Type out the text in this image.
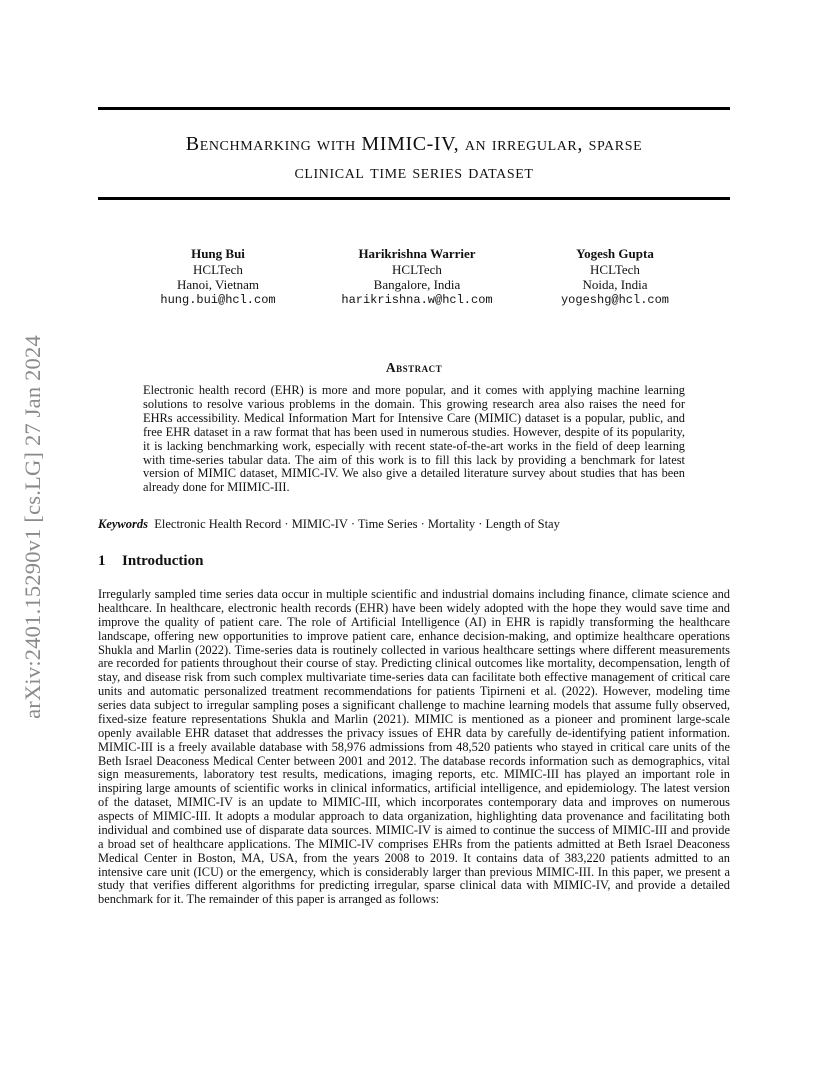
arXiv:2401.15290v1 [cs.LG] 27 Jan 2024
Benchmarking with MIMIC-IV, an irregular, sparse
clinical time series dataset
Hung Bui
HCLTech
Hanoi, Vietnam
hung.bui@hcl.com
Harikrishna Warrier
HCLTech
Bangalore, India
harikrishna.w@hcl.com
Yogesh Gupta
HCLTech
Noida, India
yogeshg@hcl.com
Abstract

Electronic health record (EHR) is more and more popular, and it comes with applying machine learning solutions to resolve various problems in the domain. This growing research area also raises the need for EHRs accessibility. Medical Information Mart for Intensive Care (MIMIC) dataset is a popular, public, and free EHR dataset in a raw format that has been used in numerous studies. However, despite of its popularity, it is lacking benchmarking work, especially with recent state-of-the-art works in the field of deep learning with time-series tabular data. The aim of this work is to fill this lack by providing a benchmark for latest version of MIMIC dataset, MIMIC-IV. We also give a detailed literature survey about studies that has been already done for MIIMIC-III.

Keywords Electronic Health Record · MIMIC-IV · Time Series · Mortality · Length of Stay
1 Introduction

Irregularly sampled time series data occur in multiple scientific and industrial domains including finance, climate science and healthcare. In healthcare, electronic health records (EHR) have been widely adopted with the hope they would save time and improve the quality of patient care. The role of Artificial Intelligence (AI) in EHR is rapidly transforming the healthcare landscape, offering new opportunities to improve patient care, enhance decision-making, and optimize healthcare operations Shukla and Marlin (2022). Time-series data is routinely collected in various healthcare settings where different measurements are recorded for patients throughout their course of stay. Predicting clinical outcomes like mortality, decompensation, length of stay, and disease risk from such complex multivariate time-series data can facilitate both effective management of critical care units and automatic personalized treatment recommendations for patients Tipirneni et al. (2022). However, modeling time series data subject to irregular sampling poses a significant challenge to machine learning models that assume fully observed, fixed-size feature representations Shukla and Marlin (2021). MIMIC is mentioned as a pioneer and prominent large-scale openly available EHR dataset that addresses the privacy issues of EHR data by carefully de-identifying patient information. MIMIC-III is a freely available database with 58,976 admissions from 48,520 patients who stayed in critical care units of the Beth Israel Deaconess Medical Center between 2001 and 2012. The database records information such as demographics, vital sign measurements, laboratory test results, medications, imaging reports, etc. MIMIC-III has played an important role in inspiring large amounts of scientific works in clinical informatics, artificial intelligence, and epidemiology. The latest version of the dataset, MIMIC-IV is an update to MIMIC-III, which incorporates contemporary data and improves on numerous aspects of MIMIC-III. It adopts a modular approach to data organization, highlighting data provenance and facilitating both individual and combined use of disparate data sources. MIMIC-IV is aimed to continue the success of MIMIC-III and provide a broad set of healthcare applications. The MIMIC-IV comprises EHRs from the patients admitted at Beth Israel Deaconess Medical Center in Boston, MA, USA, from the years 2008 to 2019. It contains data of 383,220 patients admitted to an intensive care unit (ICU) or the emergency, which is considerably larger than previous MIMIC-III. In this paper, we present a study that verifies different algorithms for predicting irregular, sparse clinical data with MIMIC-IV, and provide a detailed benchmark for it. The remainder of this paper is arranged as follows:
